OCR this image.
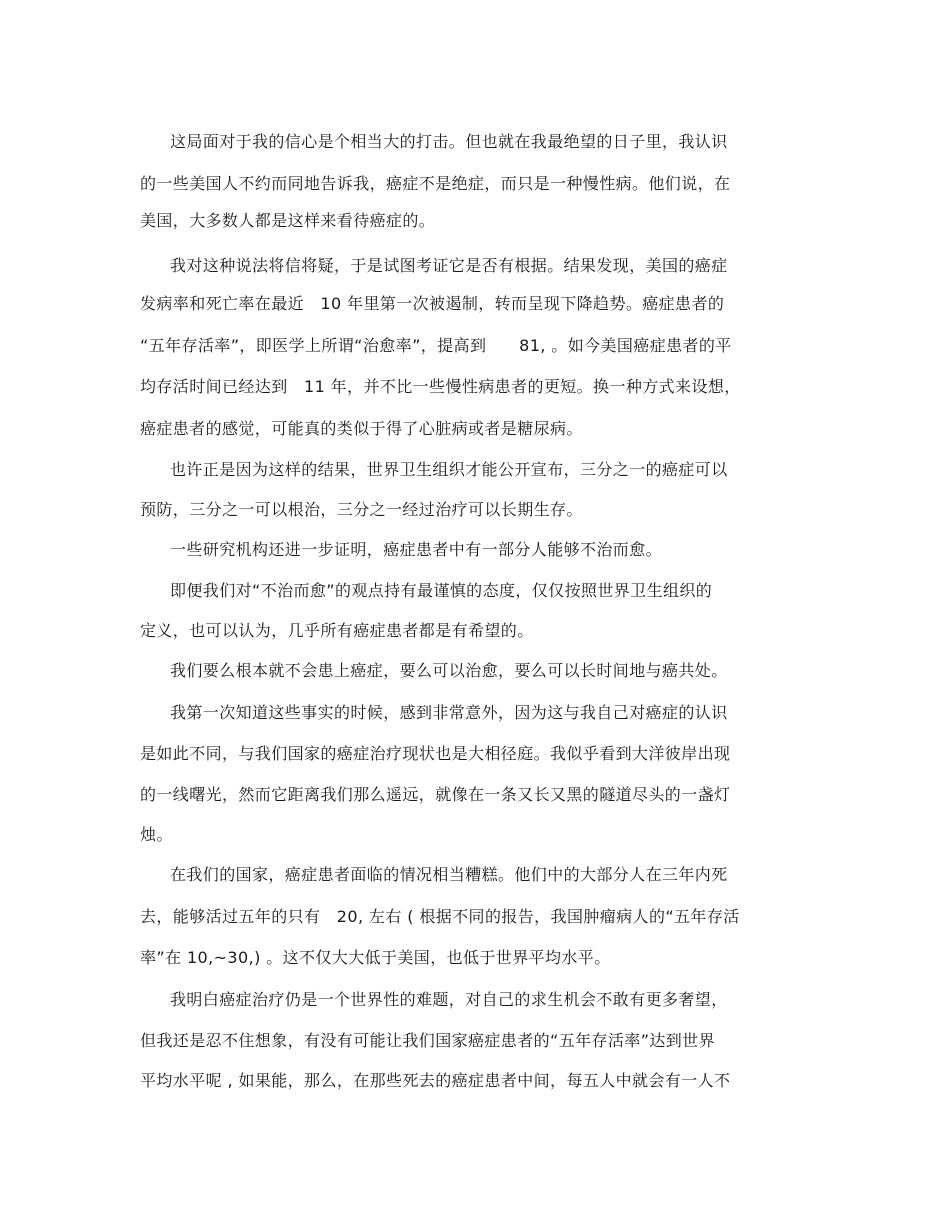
这局面对于我的信心是个相当大的打击。但也就在我最绝望的日子里，我认识
的一些美国人不约而同地告诉我，癌症不是绝症，而只是一种慢性病。他们说，在
美国，大多数人都是这样来看待癌症的。
我对这种说法将信将疑，于是试图考证它是否有根据。结果发现，美国的癌症
发病率和死亡率在最近　10 年里第一次被遏制，转而呈现下降趋势。癌症患者的
“五年存活率”，即医学上所谓“治愈率”，提高到　　81, 。如今美国癌症患者的平
均存活时间已经达到　11 年，并不比一些慢性病患者的更短。换一种方式来设想，
癌症患者的感觉，可能真的类似于得了心脏病或者是糖尿病。
也许正是因为这样的结果，世界卫生组织才能公开宣布，三分之一的癌症可以
预防，三分之一可以根治，三分之一经过治疗可以长期生存。
一些研究机构还进一步证明，癌症患者中有一部分人能够不治而愈。
即便我们对“不治而愈”的观点持有最谨慎的态度，仅仅按照世界卫生组织的
定义，也可以认为，几乎所有癌症患者都是有希望的。
我们要么根本就不会患上癌症，要么可以治愈，要么可以长时间地与癌共处。
我第一次知道这些事实的时候，感到非常意外，因为这与我自己对癌症的认识
是如此不同，与我们国家的癌症治疗现状也是大相径庭。我似乎看到大洋彼岸出现
的一线曙光，然而它距离我们那么遥远，就像在一条又长又黑的隧道尽头的一盏灯
烛。
在我们的国家，癌症患者面临的情况相当糟糕。他们中的大部分人在三年内死
去，能够活过五年的只有　20, 左右 ( 根据不同的报告，我国肿瘤病人的“五年存活
率”在 10,~30,) 。这不仅大大低于美国，也低于世界平均水平。
我明白癌症治疗仍是一个世界性的难题，对自己的求生机会不敢有更多奢望，
但我还是忍不住想象，有没有可能让我们国家癌症患者的“五年存活率”达到世界
平均水平呢 , 如果能，那么，在那些死去的癌症患者中间，每五人中就会有一人不
